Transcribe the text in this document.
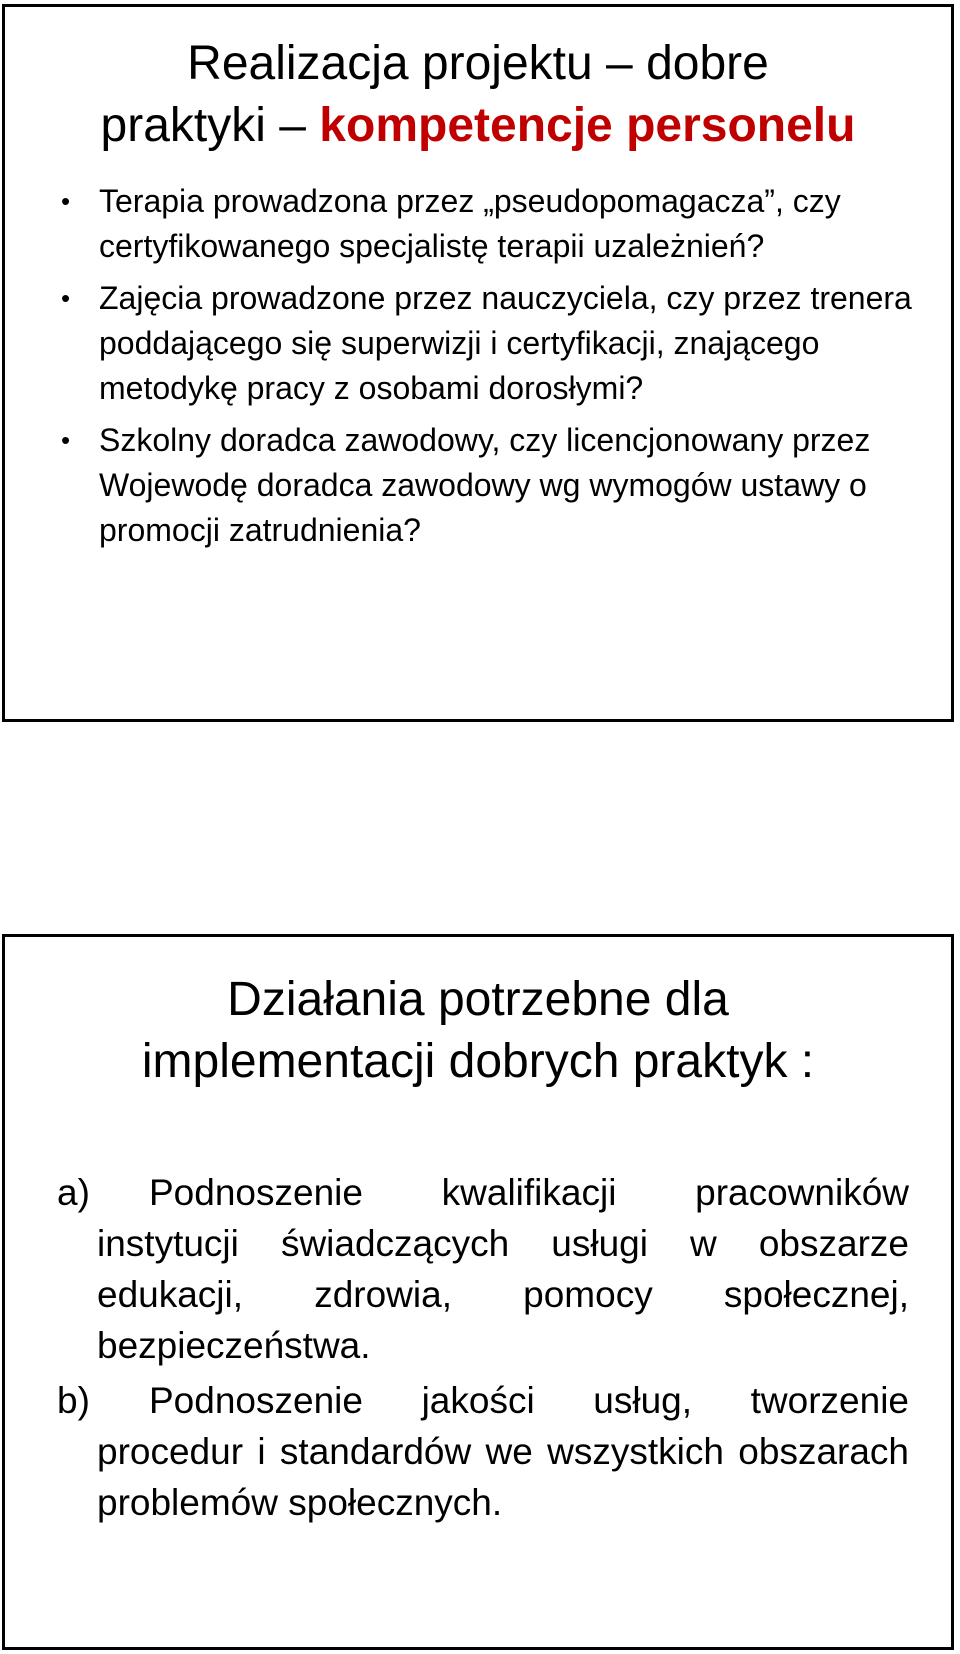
Realizacja projektu – dobre
praktyki – kompetencje personelu
• Terapia prowadzona przez „pseudopomagacza”, czy certyfikowanego specjalistę terapii uzależnień?
• Zajęcia prowadzone przez nauczyciela, czy przez trenera poddającego się superwizji i certyfikacji, znającego metodykę pracy z osobami dorosłymi?
• Szkolny doradca zawodowy, czy licencjonowany przez Wojewodę doradca zawodowy wg wymogów ustawy o promocji zatrudnienia?
Działania potrzebne dla
implementacji dobrych praktyk :
a) Podnoszenie kwalifikacji pracowników instytucji świadczących usługi w obszarze edukacji, zdrowia, pomocy społecznej, bezpieczeństwa.
b) Podnoszenie jakości usług, tworzenie procedur i standardów we wszystkich obszarach problemów społecznych.
